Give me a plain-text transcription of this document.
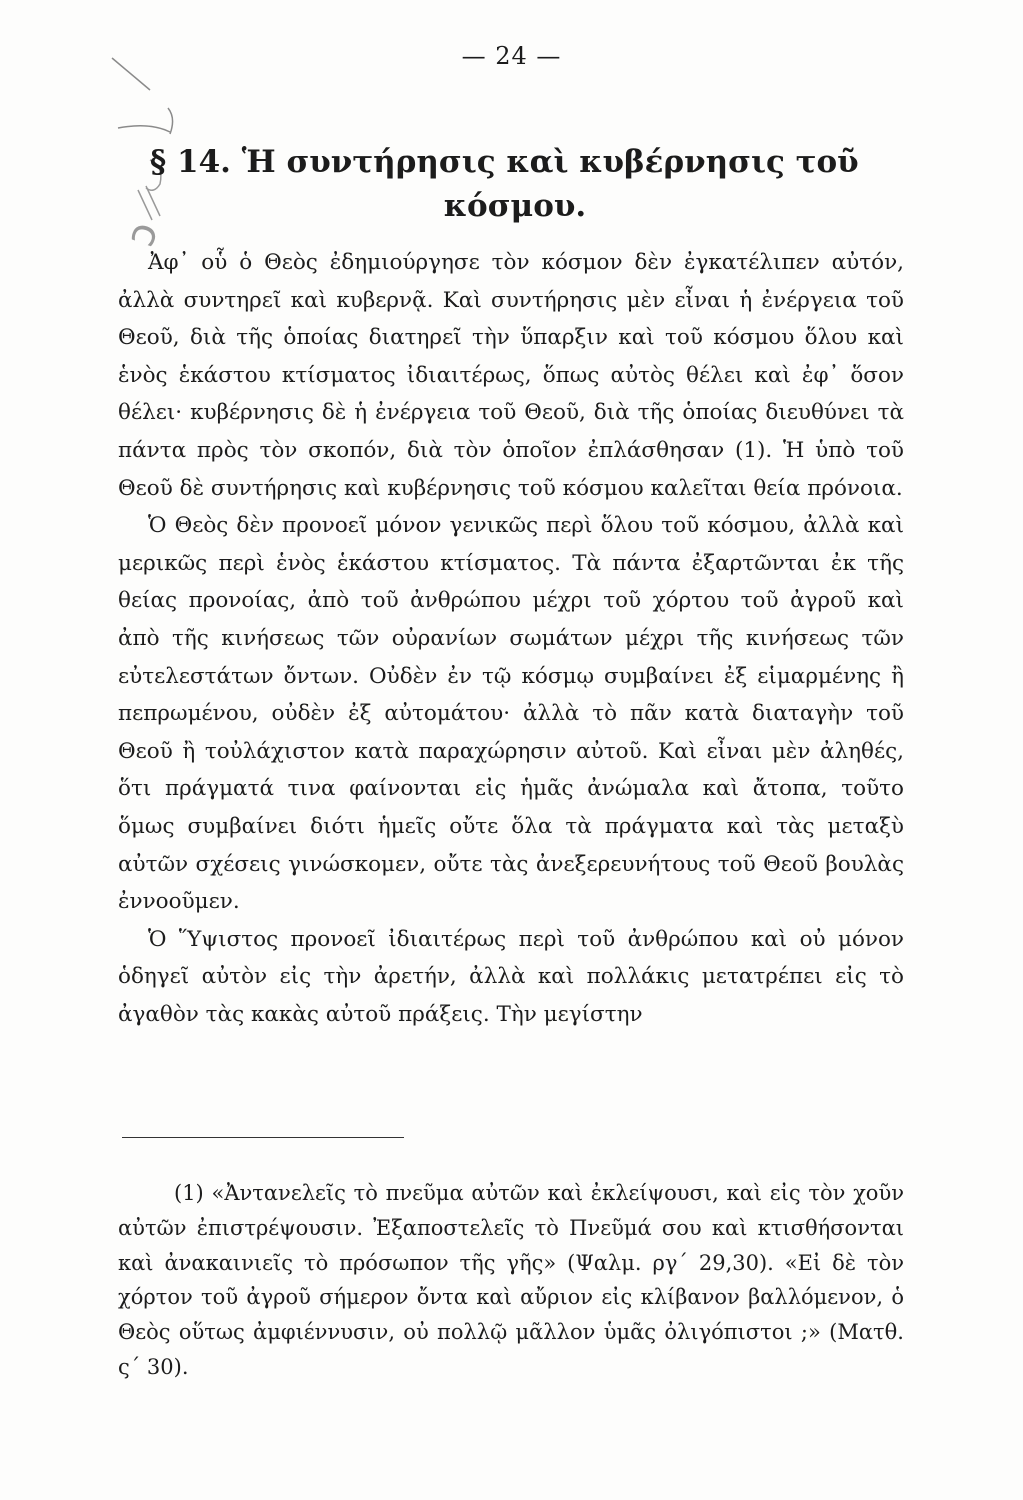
ↄ
— 24 —
§ 14. Ἡ συντήρησις καὶ κυβέρνησις τοῦ
κόσμου.

Ἀφ᾽ οὗ ὁ Θεὸς ἐδημιούργησε τὸν κόσμον δὲν ἐγκατέλιπεν αὐτόν, ἀλλὰ συντηρεῖ καὶ κυβερνᾷ. Καὶ συντήρησις μὲν εἶναι ἡ ἐνέργεια τοῦ Θεοῦ, διὰ τῆς ὁποίας διατηρεῖ τὴν ὕπαρξιν καὶ τοῦ κόσμου ὅλου καὶ ἑνὸς ἑκάστου κτίσματος ἰδιαιτέρως, ὅπως αὐτὸς θέλει καὶ ἐφ᾽ ὅσον θέλει· κυβέρνησις δὲ ἡ ἐνέργεια τοῦ Θεοῦ, διὰ τῆς ὁποίας διευθύνει τὰ πάντα πρὸς τὸν σκοπόν, διὰ τὸν ὁποῖον ἐπλάσθησαν (1). Ἡ ὑπὸ τοῦ Θεοῦ δὲ συντήρησις καὶ κυβέρνησις τοῦ κόσμου καλεῖται θεία πρόνοια.

Ὁ Θεὸς δὲν προνοεῖ μόνον γενικῶς περὶ ὅλου τοῦ κόσμου, ἀλλὰ καὶ μερικῶς περὶ ἑνὸς ἑκάστου κτίσματος. Τὰ πάντα ἐξαρτῶνται ἐκ τῆς θείας προνοίας, ἀπὸ τοῦ ἀνθρώπου μέχρι τοῦ χόρτου τοῦ ἀγροῦ καὶ ἀπὸ τῆς κινήσεως τῶν οὐρανίων σωμάτων μέχρι τῆς κινήσεως τῶν εὐτελεστάτων ὄντων. Οὐδὲν ἐν τῷ κόσμῳ συμβαίνει ἐξ εἱμαρμένης ἢ πεπρωμένου, οὐδὲν ἐξ αὐτομάτου· ἀλλὰ τὸ πᾶν κατὰ διαταγὴν τοῦ Θεοῦ ἢ τοὐλάχιστον κατὰ παραχώρησιν αὐτοῦ. Καὶ εἶναι μὲν ἀληθές, ὅτι πράγματά τινα φαίνονται εἰς ἡμᾶς ἀνώμαλα καὶ ἄτοπα, τοῦτο ὅμως συμβαίνει διότι ἡμεῖς οὔτε ὅλα τὰ πράγματα καὶ τὰς μεταξὺ αὐτῶν σχέσεις γινώσκομεν, οὔτε τὰς ἀνεξερευνήτους τοῦ Θεοῦ βουλὰς ἐννοοῦμεν.

Ὁ Ὕψιστος προνοεῖ ἰδιαιτέρως περὶ τοῦ ἀνθρώπου καὶ οὐ μόνον ὁδηγεῖ αὐτὸν εἰς τὴν ἀρετήν, ἀλλὰ καὶ πολλάκις μετατρέπει εἰς τὸ ἀγαθὸν τὰς κακὰς αὐτοῦ πράξεις. Τὴν μεγίστην

(1) «Ἀντανελεῖς τὸ πνεῦμα αὐτῶν καὶ ἐκλείψουσι, καὶ εἰς τὸν χοῦν αὐτῶν ἐπιστρέψουσιν. Ἐξαποστελεῖς τὸ Πνεῦμά σου καὶ κτισθήσονται καὶ ἀνακαινιεῖς τὸ πρόσωπον τῆς γῆς» (Ψαλμ. ργ΄ 29,30). «Εἰ δὲ τὸν χόρτον τοῦ ἀγροῦ σήμερον ὄντα καὶ αὔριον εἰς κλίβανον βαλλόμενον, ὁ Θεὸς οὕτως ἀμφιέννυσιν, οὐ πολλῷ μᾶλλον ὑμᾶς ὀλιγόπιστοι ;» (Ματθ. ς΄ 30).
